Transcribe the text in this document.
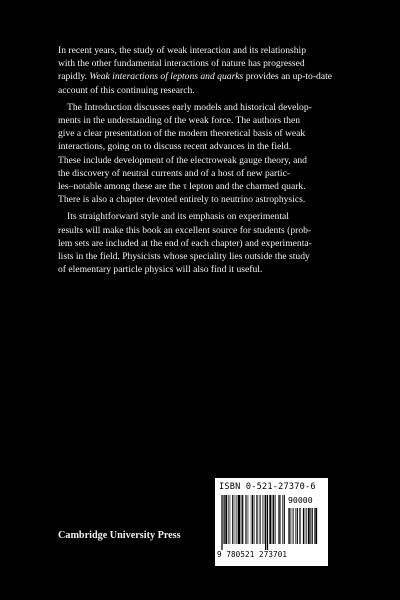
In recent years, the study of weak interaction and its relationship
with the other fundamental interactions of nature has progressed
rapidly. Weak interactions of leptons and quarks provides an up-to-date
account of this continuing research.

The Introduction discusses early models and historical develop-
ments in the understanding of the weak force. The authors then
give a clear presentation of the modern theoretical basis of weak
interactions, going on to discuss recent advances in the field.
These include development of the electroweak gauge theory, and
the discovery of neutral currents and of a host of new partic-
les–notable among these are the τ lepton and the charmed quark.
There is also a chapter devoted entirely to neutrino astrophysics.

Its straightforward style and its emphasis on experimental
results will make this book an excellent source for students (prob-
lem sets are included at the end of each chapter) and experimenta-
lists in the field. Physicists whose speciality lies outside the study
of elementary particle physics will also find it useful.

ISBN 0-521-27370-6
90000
9 780521 273701
Cambridge University Press
